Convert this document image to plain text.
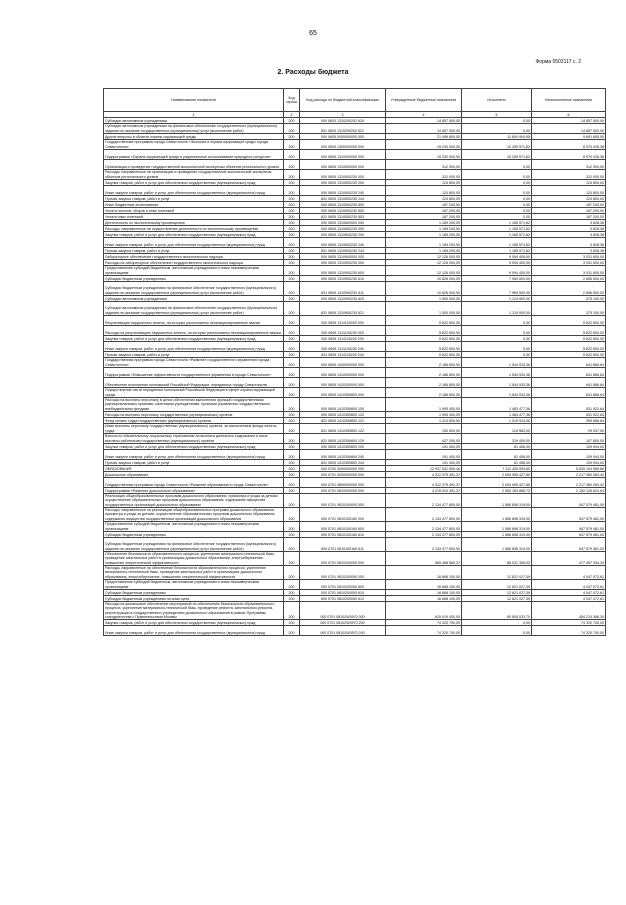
65
Форма 0503117 с. 2
2. Расходы бюджета
Наименование показателя	Код строки	Код расхода по бюджетной классификации	Утвержденные бюджетные назначения	Исполнено	Неисполненные назначения
1	2	3	4	5	6
Субсидии автономным учреждениям	200	000 0603 1310200202 620	14 857 500,00	0,00	14 857 500,00
Субсидии автономным учреждениям на финансовое обеспечение государственного (муниципального) задания на оказание государственных (муниципальных) услуг (выполнение работ)	200	831 0603 1310200202 621	14 857 500,00	0,00	14 857 500,00
Другие вопросы в области охраны окружающей среды	200	000 0605 0000000000 000	21 496 800,00	11 804 904,95	9 691 895,05
Государственная программа города Севастополя «Экология и охрана окружающей среды города Севастополя»	200	000 0605 1300000000 000	19 230 000,00	10 259 971,62	8 970 028,38
Подпрограмма «Охрана окружающей среды и рациональное использование природных ресурсов»	200	000 0605 1310000000 000	19 230 000,00	10 259 971,62	8 970 028,38
Организация и проведение государственной экологической экспертизы объектов регионального уровня	200	000 0605 1310500000 000	312 000,00	0,00	312 000,00
Расходы, направленные на организацию и проведение государственной экологической экспертизы объектов регионального уровня	200	000 0605 1310500230 000	312 000,00	0,00	312 000,00
Закупка товаров, работ и услуг для обеспечения государственных (муниципальных) нужд	200	000 0605 1310500230 200	124 800,00	0,00	124 800,00
Иные закупки товаров, работ и услуг для обеспечения государственных (муниципальных) нужд	200	000 0605 1310500230 240	124 800,00	0,00	124 800,00
Прочая закупка товаров, работ и услуг	200	831 0605 1310500230 244	124 800,00	0,00	124 800,00
Иные бюджетные ассигнования	200	000 0605 1310500230 800	187 200,00	0,00	187 200,00
Уплата налогов, сборов и иных платежей	200	000 0605 1310500230 850	187 200,00	0,00	187 200,00
Уплата иных платежей	200	831 0605 1310500230 853	187 200,00	0,00	187 200,00
Деятельность по экологическому просвещению	200	000 0605 1310600000 000	1 169 200,00	1 165 571,62	3 628,38
Расходы, направленные на осуществление деятельности по экологическому просвещению	200	000 0605 1310600230 000	1 169 200,00	1 165 571,62	3 628,38
Закупка товаров, работ и услуг для обеспечения государственных (муниципальных) нужд	200	000 0605 1310600230 200	1 169 200,00	1 165 571,62	3 628,38
Иные закупки товаров, работ и услуг для обеспечения государственных (муниципальных) нужд	200	000 0605 1310600230 240	1 169 200,00	1 165 571,62	3 628,38
Прочая закупка товаров, работ и услуг	200	831 0605 1310600230 244	1 169 200,00	1 165 571,62	3 628,38
Лабораторное обеспечение государственного экологического надзора	200	000 0605 1310900000 000	12 126 000,00	9 094 400,00	3 031 600,00
Расходы на лабораторное обеспечение государственного экологического надзора	200	000 0605 1310900230 000	12 126 000,00	9 094 400,00	3 031 600,00
Предоставление субсидий бюджетным, автономным учреждениям и иным некоммерческим организациям	200	000 0605 1310900230 600	12 126 000,00	9 094 400,00	3 031 600,00
Субсидии бюджетным учреждениям	200	000 0605 1310900230 610	10 626 000,00	7 969 500,00	2 656 500,00
Субсидии бюджетным учреждениям на финансовое обеспечение государственного (муниципального) задания на оказание государственных (муниципальных) услуг (выполнение работ)	200	831 0605 1310900230 611	10 626 000,00	7 969 500,00	2 656 500,00
Субсидии автономным учреждениям	200	000 0605 1310900230 620	1 500 000,00	1 124 900,00	375 100,00
Субсидии автономным учреждениям на финансовое обеспечение государственного (муниципального) задания на оказание государственных (муниципальных) услуг (выполнение работ)	200	831 0605 1310900230 621	1 500 000,00	1 124 900,00	375 100,00
Рекультивация нарушенных земель, на которых расположены несанкционированные свалки	200	000 0605 1311100000 000	5 622 800,00	0,00	5 622 800,00
Расходы на рекультивацию нарушенных земель, на которых расположены несанкционированные свалки	200	000 0605 1311100230 000	5 622 800,00	0,00	5 622 800,00
Закупка товаров, работ и услуг для обеспечения государственных (муниципальных) нужд	200	000 0605 1311100230 200	5 622 800,00	0,00	5 622 800,00
Иные закупки товаров, работ и услуг для обеспечения государственных (муниципальных) нужд	200	000 0605 1311100230 240	5 622 800,00	0,00	5 622 800,00
Прочая закупка товаров, работ и услуг	200	831 0605 1311100230 244	5 622 800,00	0,00	5 622 800,00
Государственная программа города Севастополя «Развитие государственного управления города Севастополя»	200	000 0605 1400000000 000	2 186 800,00	1 544 933,36	641 866,64
Подпрограмма «Повышение эффективности государственного управления в городе Севастополе»	200	000 0605 1410000000 000	2 186 800,00	1 544 933,36	641 866,64
Обеспечение исполнения полномочий Российской Федерации, переданных городу Севастополю	200	000 0605 1410300000 000	2 186 800,00	1 544 933,36	641 866,64
Осуществление части переданных полномочий Российской Федерации в сфере охраны окружающей среды	200	000 0605 1410359800 000	2 186 800,00	1 544 933,36	641 866,64
Расходы на выплаты персоналу в целях обеспечения выполнения функций государственными (муниципальными) органами, казенными учреждениями, органами управления государственными внебюджетными фондами	200	000 0605 1410359800 100	1 995 400,00	1 463 477,36	531 922,64
Расходы на выплаты персоналу государственных (муниципальных) органов	200	000 0605 1410359800 120	1 995 400,00	1 463 477,36	531 922,64
Фонд оплаты труда государственных (муниципальных) органов	200	831 0605 1410359800 121	1 414 600,00	1 019 914,36	395 685,64
Иные выплаты персоналу государственных (муниципальных) органов, за исключением фонда оплаты труда	200	831 0605 1410359800 122	153 600,00	124 563,00	29 037,00
Взносы по обязательному социальному страхованию на выплаты денежного содержания и иные выплаты работникам государственных (муниципальных) органов	200	831 0605 1410359800 129	427 200,00	319 400,00	107 800,00
Закупка товаров, работ и услуг для обеспечения государственных (муниципальных) нужд	200	000 0605 1410359800 200	191 400,00	81 456,00	109 944,00
Иные закупки товаров, работ и услуг для обеспечения государственных (муниципальных) нужд	200	000 0605 1410359800 240	191 400,00	81 456,00	109 944,00
Прочая закупка товаров, работ и услуг	200	831 0605 1410359800 244	191 400,00	81 456,00	109 944,00
ОБРАЗОВАНИЕ	200	000 0700 0000000000 000	12 937 531 959,46	7 112 426 993,60	5 825 104 965,86
Дошкольное образование	200	000 0701 0000000000 000	4 312 375 491,37	2 094 995 427,85	2 217 380 063,42
Государственная программа города Севастополя «Развитие образования в городе Севастополе»	200	000 0701 0800000000 000	4 312 375 491,37	2 094 995 427,85	2 217 380 063,42
Подпрограмма «Развитие дошкольного образования»	200	000 0701 0810000000 000	4 215 310 491,37	2 063 183 866,73	2 152 126 624,64
Реализация общеобразовательных программ дошкольного образования, присмотра и ухода за детьми, осуществление образовательных программ дошкольного образования, содержание имущества государственных организаций дошкольного образования	200	000 0701 0810100000 000	2 134 477 800,00	1 586 898 319,00	547 579 481,00
Расходы, направленные на реализацию общеобразовательных программ дошкольного образования, присмотра и ухода за детьми, осуществление образовательных программ дошкольного образования, содержание имущества государственных организаций дошкольного образования	200	000 0701 0810100160 000	2 134 477 800,00	1 586 898 319,00	547 579 481,00
Предоставление субсидий бюджетным, автономным учреждениям и иным некоммерческим организациям	200	000 0701 0810100160 600	2 134 477 800,00	1 586 898 319,00	547 579 481,00
Субсидии бюджетным учреждениям	200	000 0701 0810100160 610	2 134 477 800,00	1 586 898 319,00	547 579 481,00
Субсидии бюджетным учреждениям на финансовое обеспечение государственного (муниципального) задания на оказание государственных (муниципальных) услуг (выполнение работ)	200	809 0701 0810100160 611	2 134 477 800,00	1 586 898 319,00	547 579 481,00
Обеспечение безопасности образовательного процесса, укрепление материально-технической базы, проведение капитальных работ в организациях дошкольного образования, энергосбережение, повышение энергетической эффективности	200	000 0701 0810200000 000	565 488 660,37	88 031 306,03	477 457 354,34
Расходы, направленные на обеспечение безопасности образовательного процесса, укрепление материально-технической базы, проведение капитальных работ в организациях дошкольного образования, энергосбережение, повышение энергетической эффективности	200	000 0701 0810200050 000	16 668 100,00	12 621 027,39	4 047 072,61
Предоставление субсидий бюджетным, автономным учреждениям и иным некоммерческим организациям	200	000 0701 0810200050 600	16 668 100,00	12 621 027,39	4 047 072,61
Субсидии бюджетным учреждениям	200	000 0701 0810200050 610	16 668 100,00	12 621 027,39	4 047 072,61
Субсидии бюджетным учреждениям на иные цели	200	809 0701 0810200050 612	16 668 100,00	12 621 027,39	4 047 072,61
Расходы на финансовое обеспечение мероприятий по обеспечению безопасности образовательного процесса, укрепление материально-технической базы, проведение ремонта, капитального ремонта, реконструкции в государственных учреждениях дошкольного образования в рамках Программы сотрудничества с Правительством Москвы	200	000 0701 08102W3970 000	615 019 400,00	60 805 033,70	454 214 366,30
Закупка товаров, работ и услуг для обеспечения государственных (муниципальных) нужд	200	000 0701 08102W3970 200	74 320 700,00	0,00	74 320 700,00
Иные закупки товаров, работ и услуг для обеспечения государственных (муниципальных) нужд	200	000 0701 08102W3970 240	74 320 700,00	0,00	74 320 700,00
